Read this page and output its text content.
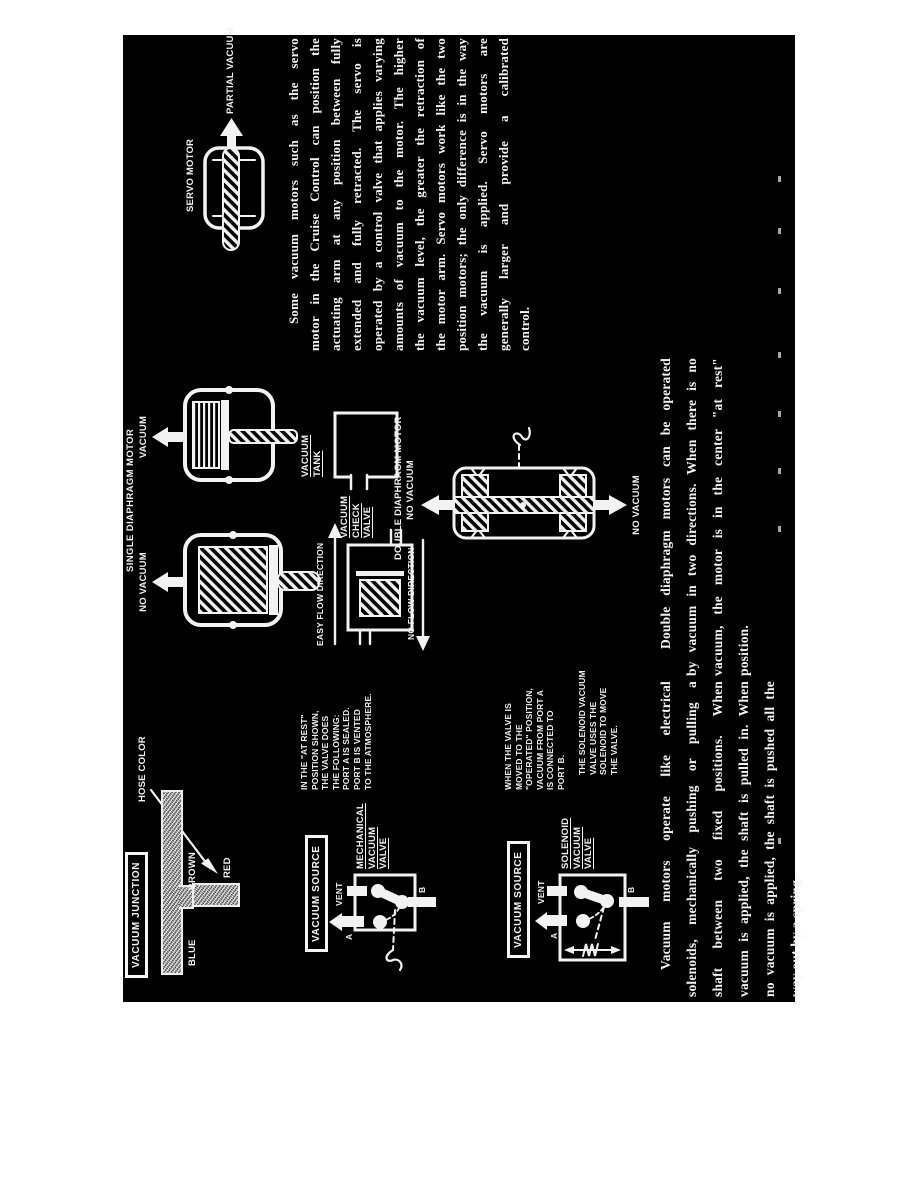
VACUUM JUNCTION
HOSE COLOR
BLUE
BROWN	RED
SINGLE DIAPHRAGM MOTOR
NO VACUUM
VACUUM	VACUUM TANK
EASY FLOW DIRECTION	NO FLOW DIRECTION
VACUUM CHECK VALVE DOUBLE DIAPHRAGM MOTOR NO VACUUM	NO VACUUM
SERVO MOTOR
PARTIAL VACUUM
VACUUM SOURCE	VENT
A
B
MECHANICAL VACUUM VALVE
IN THE "AT REST" POSITION SHOWN, THE VALVE DOES THE FOLLOWING: PORT A IS SEALED. PORT B IS VENTED TO THE ATMOSPHERE.
VACUUM SOURCE	VENT
A
B
SOLENOID VACUUM VALVE
WHEN THE VALVE IS MOVED TO THE "OPERATED" POSITION, VACUUM FROM PORT A IS CONNECTED TO PORT B. THE SOLENOID VACUUM VALVE USES THE SOLENOID TO MOVE THE VALVE.	Vacuum motors operate like electrical solenoids, mechanically pushing or pulling a shaft between two fixed positions. When vacuum is applied, the shaft is pulled in. When no vacuum is applied, the shaft is pushed all the way out by a spring.
Double diaphragm motors can be operated by vacuum in two directions. When there is no vacuum, the motor is in the center "at rest" position.
Some vacuum motors such as the servo motor in the Cruise Control can position the actuating arm at any position between fully extended and fully retracted. The servo is operated by a control valve that applies varying amounts of vacuum to the motor. The higher the vacuum level, the greater the retraction of the motor arm. Servo motors work like the two position motors; the only difference is in the way the vacuum is applied. Servo motors are generally larger and provide a calibrated control.
